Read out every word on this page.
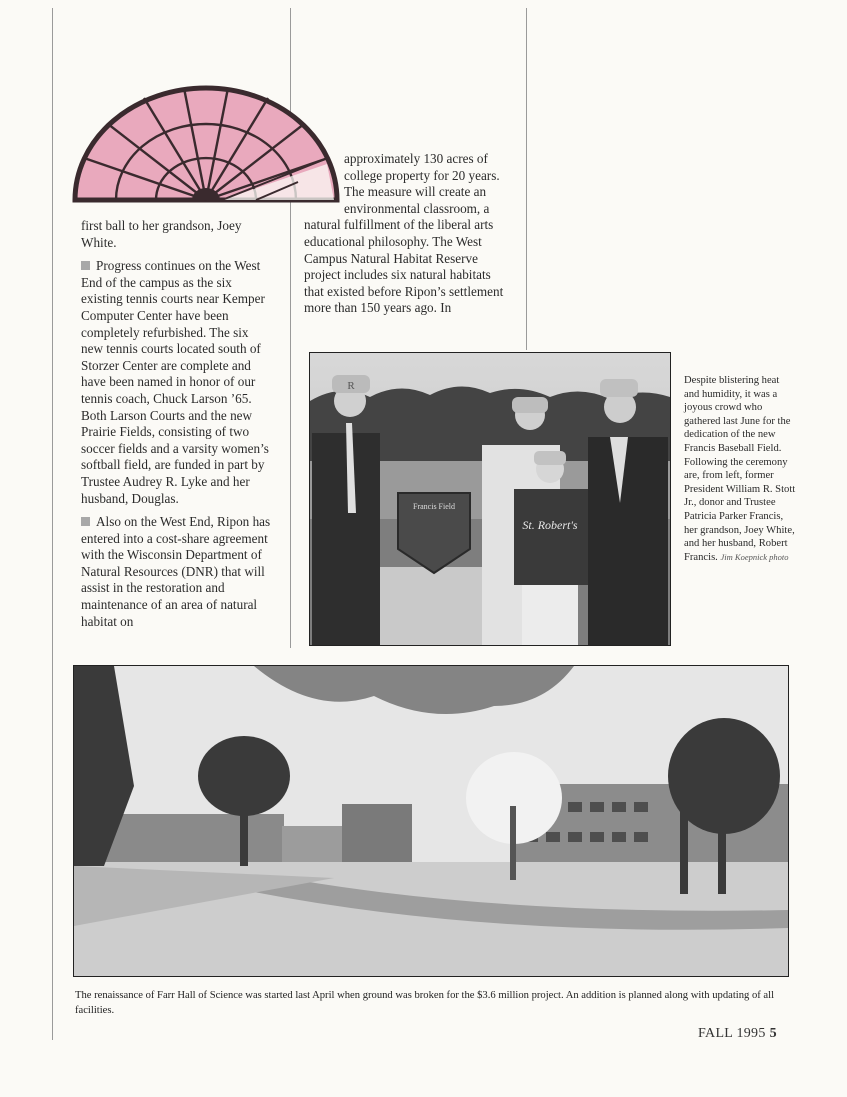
first ball to her grandson, Joey White.

Progress continues on the West End of the campus as the six existing tennis courts near Kemper Computer Center have been completely refurbished. The six new tennis courts located south of Storzer Center are complete and have been named in honor of our tennis coach, Chuck Larson ’65. Both Larson Courts and the new Prairie Fields, consisting of two soccer fields and a varsity women’s softball field, are funded in part by Trustee Audrey R. Lyke and her husband, Douglas.

Also on the West End, Ripon has entered into a cost-share agreement with the Wisconsin Department of Natural Resources (DNR) that will assist in the restoration and maintenance of an area of natural habitat on

approximately 130 acres of college property for 20 years. The measure will create an environmental classroom, a natural fulfillment of the liberal arts educational philosophy. The West Campus Natural Habitat Reserve project includes six natural habitats that existed before Ripon’s settlement more than 150 years ago. In

Francis Field
R
St. Robert's
Despite blistering heat and humidity, it was a joyous crowd who gathered last June for the dedication of the new Francis Baseball Field. Following the ceremony are, from left, former President William R. Stott Jr., donor and Trustee Patricia Parker Francis, her grandson, Joey White, and her husband, Robert Francis. Jim Koepnick photo
The renaissance of Farr Hall of Science was started last April when ground was broken for the $3.6 million project. An addition is planned along with updating of all facilities.
FALL 1995 5
